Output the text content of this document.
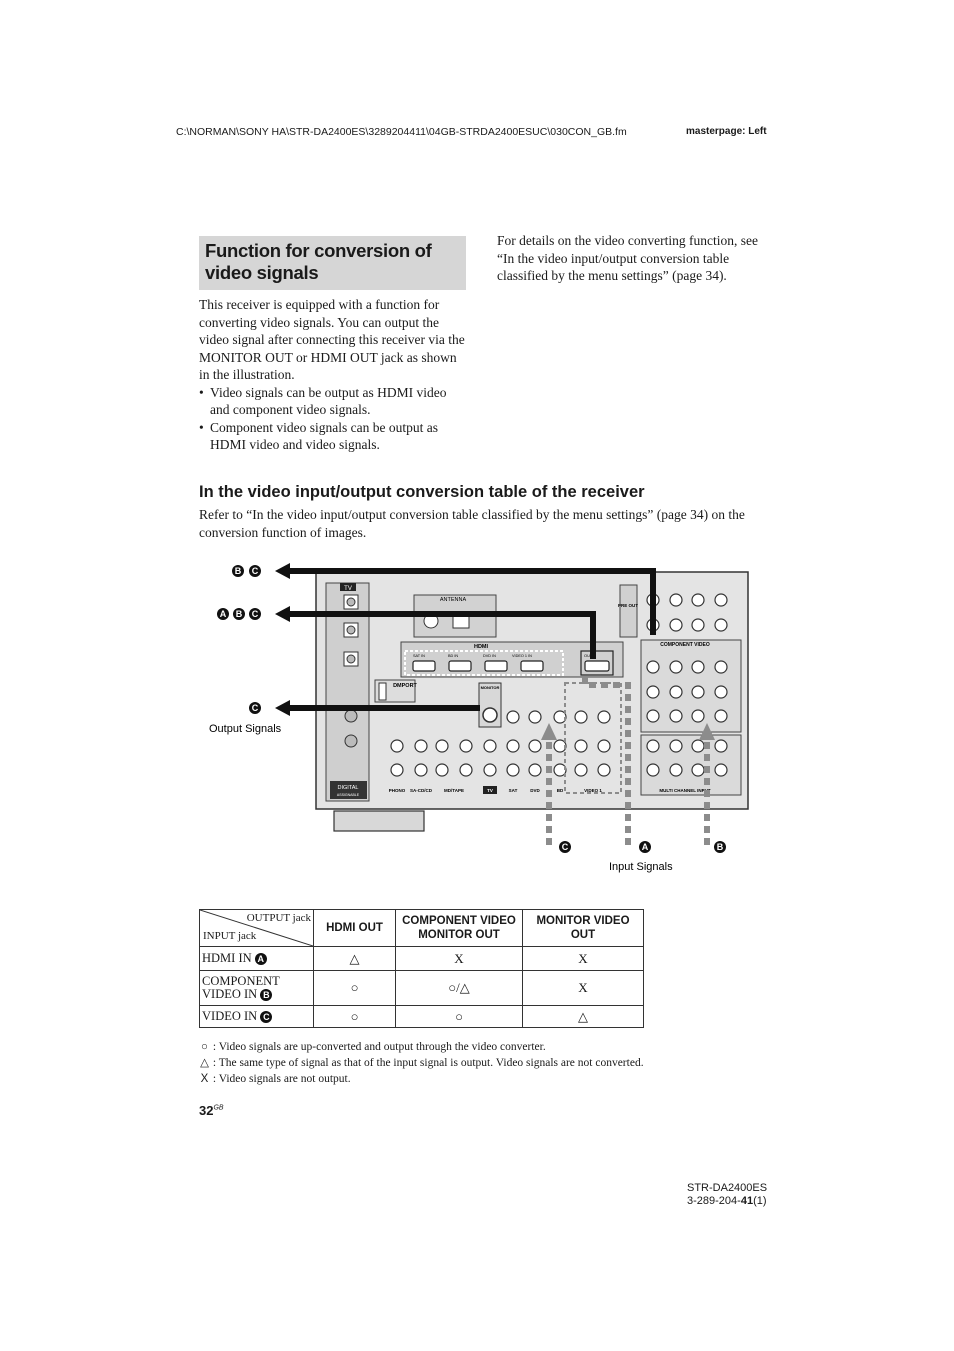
C:\NORMAN\SONY HA\STR-DA2400ES\3289204411\04GB-STRDA2400ESUC\030CON_GB.fm	masterpage: Left
Function for conversion of video signals
This receiver is equipped with a function for converting video signals. You can output the video signal after connecting this receiver via the MONITOR OUT or HDMI OUT jack as shown in the illustration.
• Video signals can be output as HDMI video and component video signals.
• Component video signals can be output as HDMI video and video signals.
For details on the video converting function, see “In the video input/output conversion table classified by the menu settings” (page 34).
In the video input/output conversion table of the receiver
Refer to “In the video input/output conversion table classified by the menu settings” (page 34) on the conversion function of images.
TV
DIGITAL
ASSIGNABLE
ANTENNA
DMPORT
HDMI
SAT IN	BD IN	DVD IN	VIDEO 1 IN	OUT
MONITOR
PHONO SA-CD/CD	MD/TAPE	TV	SAT	DVD	BD	VIDEO 1
PRE OUT
COMPONENT VIDEO
MULTI CHANNEL INPUT
B C
A B C
C
C	A	B
Output Signals
Input Signals
OUTPUT jack
INPUT jack	HDMI OUT	COMPONENT VIDEO MONITOR OUT	MONITOR VIDEO OUT
HDMI IN A	△	X	X
COMPONENT VIDEO IN B	○	○/△	X
VIDEO IN C	○	○	△
○ : Video signals are up-converted and output through the video converter.
△ : The same type of signal as that of the input signal is output. Video signals are not converted.
X : Video signals are not output.
$32^{GB}$
STR-DA2400ES
3-289-204-41(1)
